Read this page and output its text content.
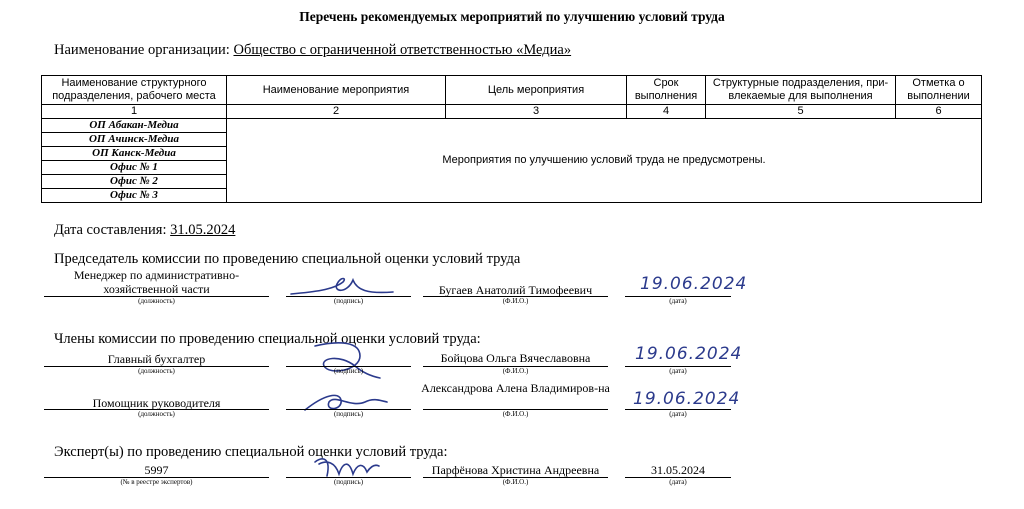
Перечень рекомендуемых мероприятий по улучшению условий труда
Наименование организации: Общество с ограниченной ответственностью «Медиа»
Наименование структурного подразделения, рабочего места	Наименование мероприятия	Цель мероприятия	Срок выполнения	Структурные подразделения, при-влекаемые для выполнения	Отметка о выполнении
1	2	3	4	5	6
ОП Абакан-Медиа	Мероприятия по улучшению условий труда не предусмотрены.				
ОП Ачинск-Медиа					
ОП Канск-Медиа					
Офис № 1					
Офис № 2					
Офис № 3					
Дата составления: 31.05.2024
Председатель комиссии по проведению специальной оценки условий труда
Менеджер по административно-хозяйственной части
(должность)	(подпись)
Бугаев Анатолий Тимофеевич
(Ф.И.О.)
19.06.2024
(дата)
Члены комиссии по проведению специальной оценки условий труда:
Главный бухгалтер
(должность)	(подпись)
Бойцова Ольга Вячеславовна
(Ф.И.О.)
19.06.2024
(дата)
Помощник руководителя
(должность)	(подпись)
Александрова Алена Владимиров-на
(Ф.И.О.)
19.06.2024
(дата)
Эксперт(ы) по проведению специальной оценки условий труда:
5997
(№ в реестре экспертов)	(подпись)
Парфёнова Христина Андреевна
(Ф.И.О.)
31.05.2024
(дата)
